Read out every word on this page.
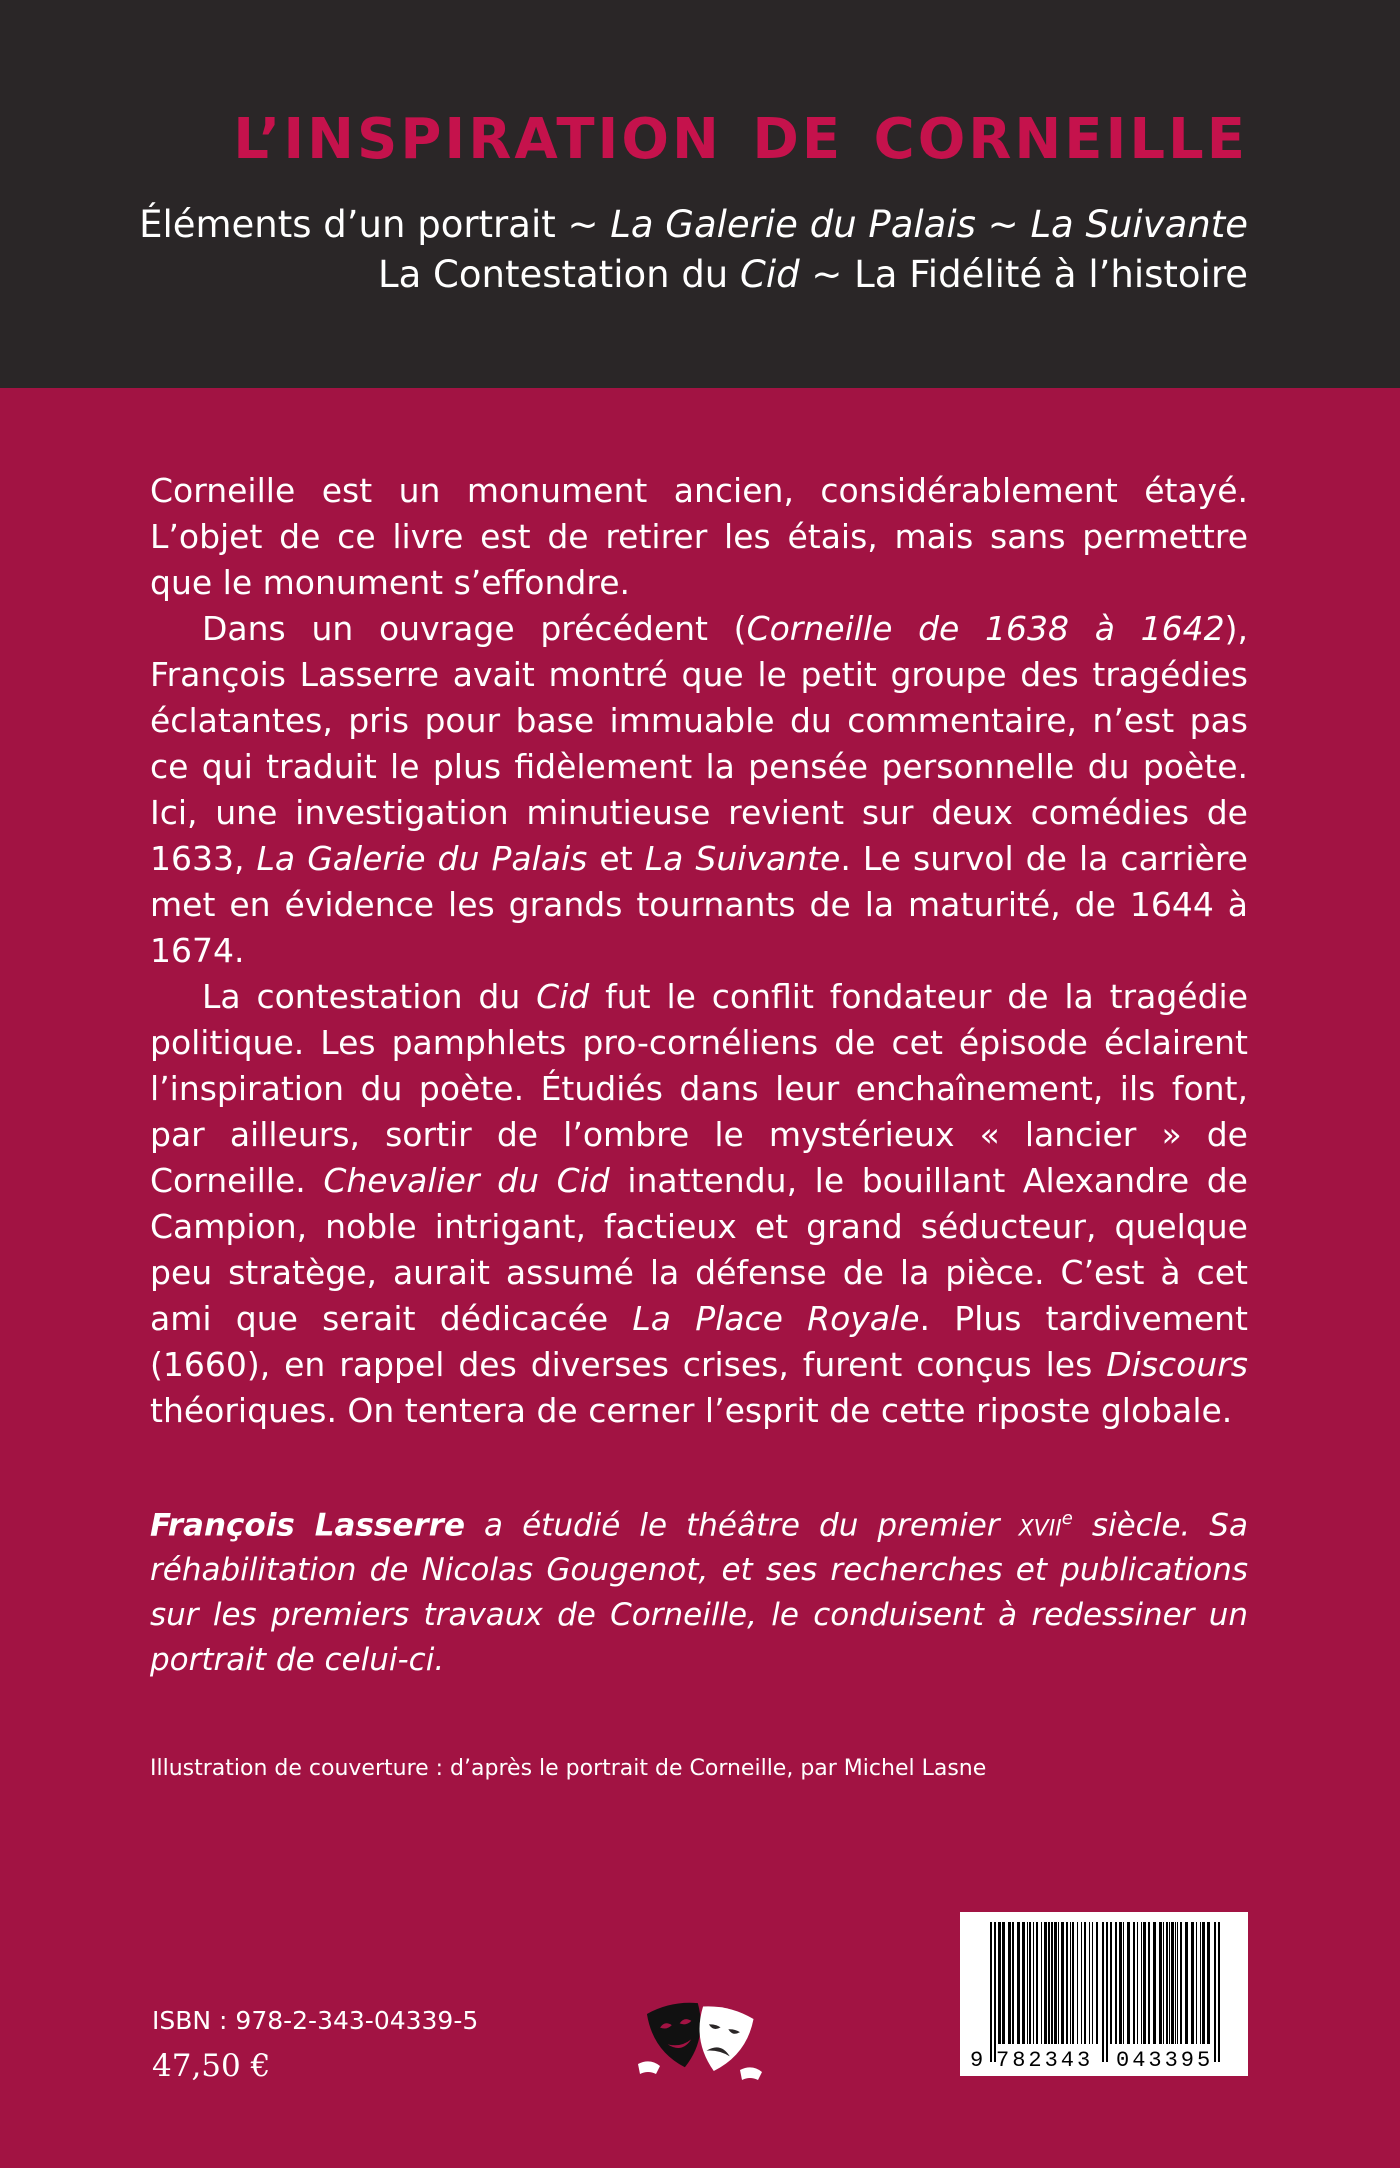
L’INSPIRATION DE CORNEILLE
Éléments d’un portrait ~ La Galerie du Palais ~ La Suivante
La Contestation du Cid ~ La Fidélité à l’histoire

Corneille est un monument ancien, considérablement étayé. L’objet de ce livre est de retirer les étais, mais sans permettre que le monument s’effondre.

Dans un ouvrage précédent (Corneille de 1638 à 1642), François Lasserre avait montré que le petit groupe des tragédies éclatantes, pris pour base immuable du commentaire, n’est pas ce qui traduit le plus fidèlement la pensée personnelle du poète. Ici, une investigation minutieuse revient sur deux comédies de 1633, La Galerie du Palais et La Suivante. Le survol de la carrière met en évidence les grands tournants de la maturité, de 1644 à 1674.

La contestation du Cid fut le conflit fondateur de la tragédie politique. Les pamphlets pro-cornéliens de cet épisode éclairent l’inspiration du poète. Étudiés dans leur enchaînement, ils font, par ailleurs, sortir de l’ombre le mystérieux « lancier » de Corneille. Chevalier du Cid inattendu, le bouillant Alexandre de Campion, noble intrigant, factieux et grand séducteur, quelque peu stratège, aurait assumé la défense de la pièce. C’est à cet ami que serait dédicacée La Place Royale. Plus tardivement (1660), en rappel des diverses crises, furent conçus les Discours théoriques. On tentera de cerner l’esprit de cette riposte globale.

François Lasserre a étudié le théâtre du premier xvii$^e$ siècle. Sa réhabilitation de Nicolas Gougenot, et ses recherches et publications sur les premiers travaux de Corneille, le conduisent à redessiner un portrait de celui-ci.

Illustration de couverture : d’après le portrait de Corneille, par Michel Lasne
ISBN : 978-2-343-04339-5
47,50 €	9 782343 043395
